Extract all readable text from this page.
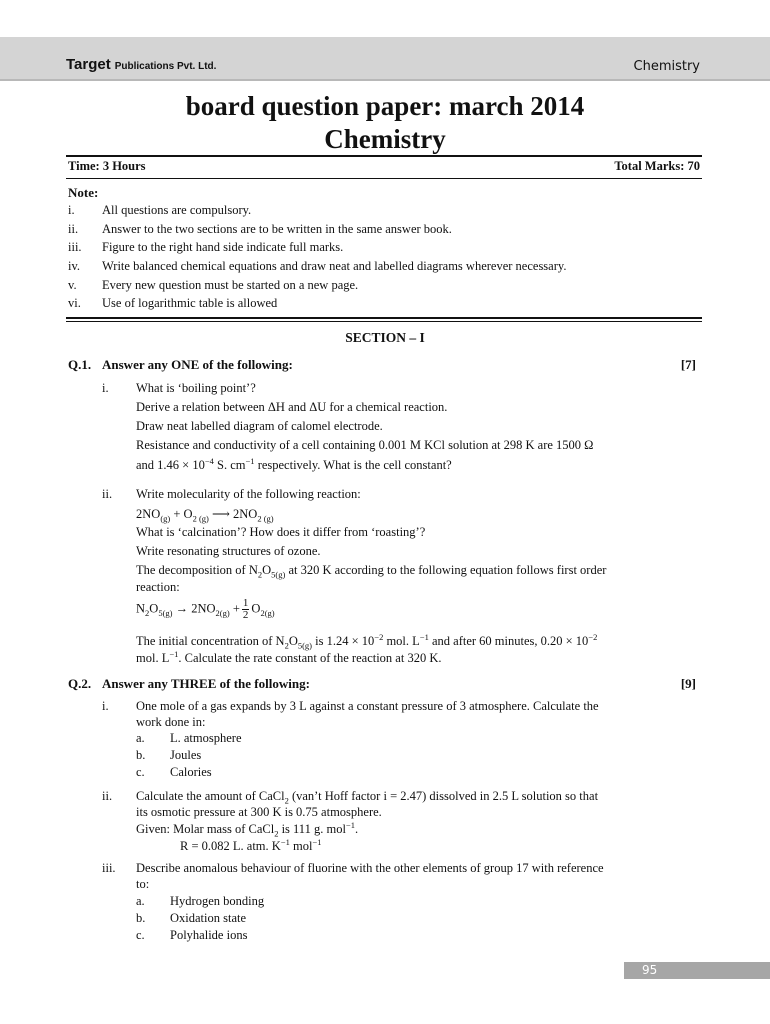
Target Publications Pvt. Ltd.	Chemistry
board question paper: march 2014
Chemistry
Time: 3 Hours	Total Marks: 70
Note:
i. All questions are compulsory.
ii. Answer to the two sections are to be written in the same answer book.
iii. Figure to the right hand side indicate full marks.
iv. Write balanced chemical equations and draw neat and labelled diagrams wherever necessary.
v. Every new question must be started on a new page.
vi. Use of logarithmic table is allowed
SECTION – I
Q.1. Answer any ONE of the following:	[7]
i. What is ‘boiling point’?
Derive a relation between ΔH and ΔU for a chemical reaction.
Draw neat labelled diagram of calomel electrode.
Resistance and conductivity of a cell containing 0.001 M KCl solution at 298 K are 1500 Ω
and $1.46 \times 10^{-4}$ S. $cm^{-1}$ respectively. What is the cell constant?
ii. Write molecularity of the following reaction:
$2NO_{(g)} + O_{2 (g)}$ ⟶ $2NO_{2 (g)}$
What is ‘calcination’? How does it differ from ‘roasting’?
Write resonating structures of ozone.
The decomposition of $N_2O_{5(g)}$ at 320 K according to the following equation follows first order
reaction:
$N_2O_{5(g)} \to 2NO_{2(g)} + \frac{1}{2} O_{2(g)}$
The initial concentration of $N_2O_{5(g)}$ is $1.24 \times 10^{-2}$ mol. $L^{-1}$ and after 60 minutes, $0.20 \times 10^{-2}$
mol. $L^{-1}$. Calculate the rate constant of the reaction at 320 K.
Q.2. Answer any THREE of the following:	[9]
i. One mole of a gas expands by 3 L against a constant pressure of 3 atmosphere. Calculate the
work done in:
a. L. atmosphere
b. Joules
c. Calories
ii. Calculate the amount of CaCl$_2$ (van’t Hoff factor i = 2.47) dissolved in 2.5 L solution so that
its osmotic pressure at 300 K is 0.75 atmosphere.
Given: Molar mass of CaCl$_2$ is 111 g. mol$^{-1}$.
R = 0.082 L. atm. $K^{-1}$ mol$^{-1}$
iii. Describe anomalous behaviour of fluorine with the other elements of group 17 with reference
to:
a. Hydrogen bonding
b. Oxidation state
c. Polyhalide ions
95
